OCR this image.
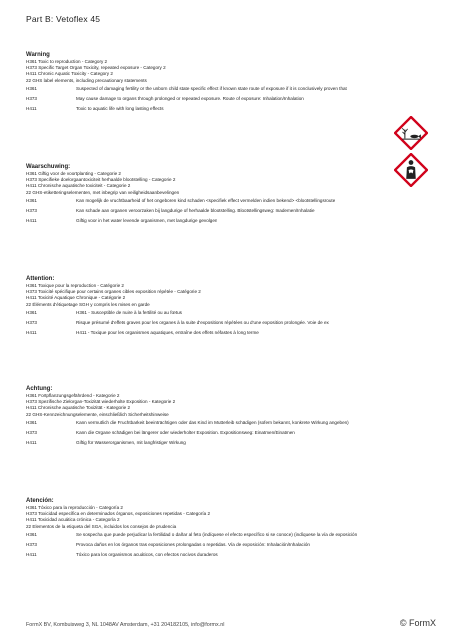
Part B: Vetoflex 45
Warning
H361 Toxic to reproduction - Category 2
H373 Specific Target Organ Toxicity, repeated exposure - Category 2
H411 Chronic Aquatic Toxicity - Category 2
22 GHS label elements, including precautionary statements
H361	Suspected of damaging fertility or the unborn child state specific effect if known state route of exposure if it is conclusively proven that
H373	May cause damage to organs through prolonged or repeated exposure. Route of exposure: Inhalation/Inhalation
H411	Toxic to aquatic life with long lasting effects
Waarschuwing:
H361 Giftig voor de voortplanting - Categorie 2
H373 Specifieke doelorgaantoxiciteit herhaalde blootstelling - Categorie 2
H411 Chronische aquatische toxiciteit - Categorie 2
22 GHS-etiketteringselementen, met inbegrip van veiligheidsaanbevelingen
H361	Kan mogelijk de vruchtbaarheid of het ongeboren kind schaden <specifiek effect vermelden indien bekend> <blootstellingsroute
H373	Kan schade aan organen veroorzaken bij langdurige of herhaalde blootstelling. Blootstellingsweg: Inademen/Inhalatie
H411	Giftig voor in het water levende organismen, met langdurige gevolgen
Attention:
H361 Toxique pour la reproduction - Catégorie 2
H373 Toxicité spécifique pour certains organes cibles exposition répétée - Catégorie 2
H411 Toxicité Aquatique Chronique - Catégorie 2
22 Éléments d'étiquetage SGH y compris les mises en garde
H361	H361 - Susceptible de nuire à la fertilité ou au fœtus
H373	Risque présumé d'effets graves pour les organes à la suite d'expositions répétées ou d'une exposition prolongée. Voie de ex
H411	H411 - Toxique pour les organismes aquatiques, entraîne des effets néfastes à long terme
Achtung:
H361 Fortpflanzungsgefährdend - Kategorie 2
H373 Spezifische Zielorgan-Toxizität wiederholte Exposition - Kategorie 2
H411 Chronische aquatische Toxizität - Kategorie 2
22 GHS-Kennzeichnungselemente, einschließlich Sicherheitshinweise
H361	Kann vermutlich die Fruchtbarkeit beeinträchtigen oder das Kind im Mutterleib schädigen (sofern bekannt, konkrete Wirkung angeben)
H373	Kann die Organe schädigen bei längerer oder wiederholter Exposition. Expositionsweg: Einatmen/Einatmen
H411	Giftig für Wasserorganismen, mit langfristiger Wirkung
Atención:
H361 Tóxico para la reproducción - Categoría 2
H373 Toxicidad específica en determinados órganos, exposiciones repetidas - Categoría 2
H411 Toxicidad acuática crónica - Categoría 2
22 Elementos de la etiqueta del SGA, incluidos los consejos de prudencia
H361	Se sospecha que puede perjudicar la fertilidad o dañar al feto (indíquese el efecto específico si se conoce) (indíquese la vía de exposición
H373	Provoca daños en los órganos tras exposiciones prolongadas o repetidas. Vía de exposición: Inhalación/Inhalación
H411	Tóxico para los organismos acuáticos, con efectos nocivos duraderos
FormX BV, Kombuisweg 3, NL 1048AV Amsterdam, +31 204182105, info@formx.nl	© FormX
